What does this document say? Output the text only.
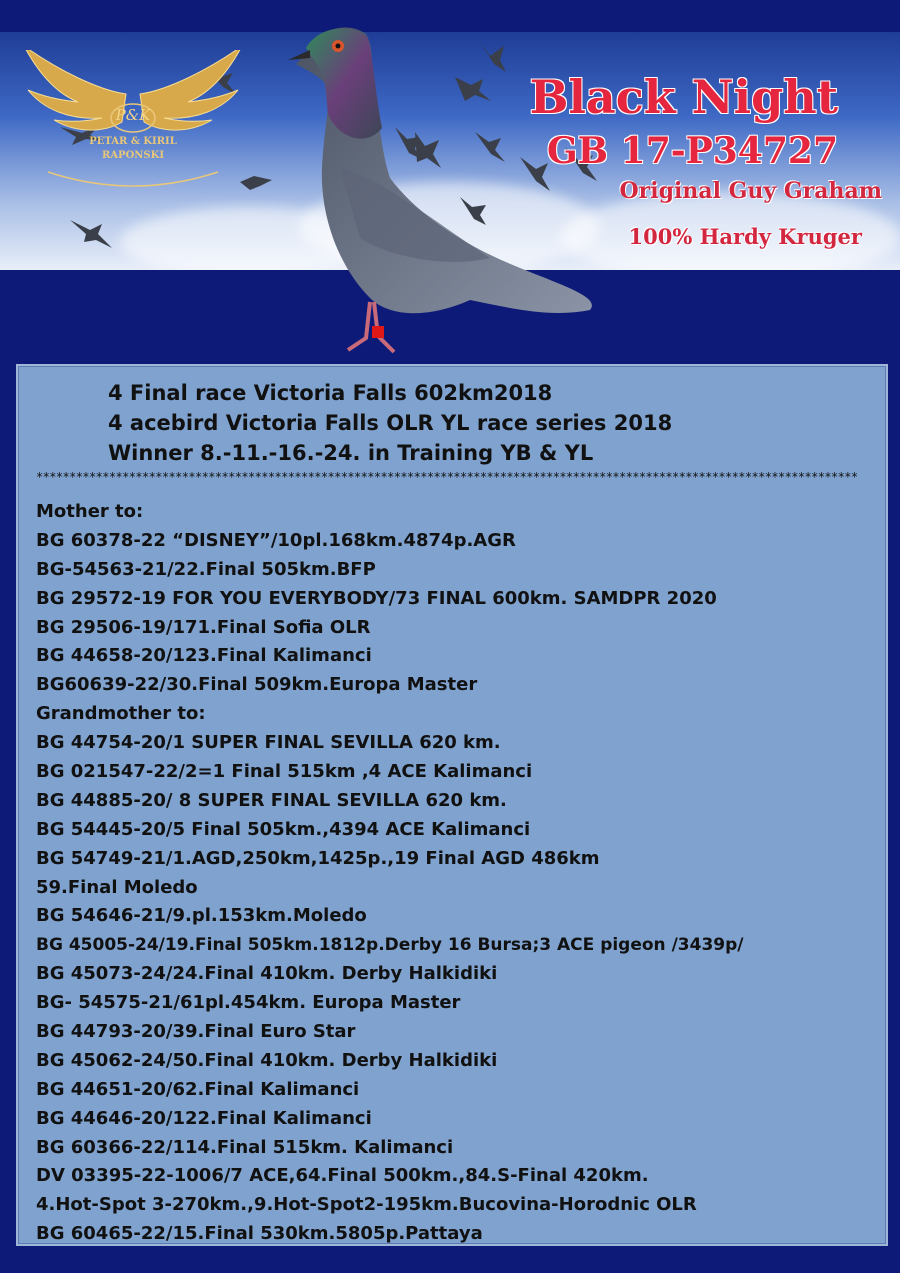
P&K
PETAR & KIRIL
RAPONSKI
Black Night
GB 17-P34727
Original Guy Graham
100% Hardy Kruger
4 Final race Victoria Falls 602km2018
4 acebird Victoria Falls OLR YL race series 2018
Winner 8.-11.-16.-24. in Training YB & YL
****************************************************************************************************************************
Mother to:
BG 60378-22 “DISNEY”/10pl.168km.4874p.AGR
BG-54563-21/22.Final 505km.BFP
BG 29572-19 FOR YOU EVERYBODY/73 FINAL 600km. SAMDPR 2020
BG 29506-19/171.Final Sofia OLR
BG 44658-20/123.Final Kalimanci
BG60639-22/30.Final 509km.Europa Master
Grandmother to:
BG 44754-20/1 SUPER FINAL SEVILLA 620 km.
BG 021547-22/2=1 Final 515km ,4 ACE Kalimanci
BG 44885-20/ 8 SUPER FINAL SEVILLA 620 km.
BG 54445-20/5 Final 505km.,4394 ACE Kalimanci
BG 54749-21/1.AGD,250km,1425p.,19 Final AGD 486km
59.Final Moledo
BG 54646-21/9.pl.153km.Moledo
BG 45005-24/19.Final 505km.1812p.Derby 16 Bursa;3 ACE pigeon /3439p/
BG 45073-24/24.Final 410km. Derby Halkidiki
BG- 54575-21/61pl.454km. Europa Master
BG 44793-20/39.Final Euro Star
BG 45062-24/50.Final 410km. Derby Halkidiki
BG 44651-20/62.Final Kalimanci
BG 44646-20/122.Final Kalimanci
BG 60366-22/114.Final 515km. Kalimanci
DV 03395-22-1006/7 ACE,64.Final 500km.,84.S-Final 420km.
4.Hot-Spot 3-270km.,9.Hot-Spot2-195km.Bucovina-Horodnic OLR
BG 60465-22/15.Final 530km.5805p.Pattaya
